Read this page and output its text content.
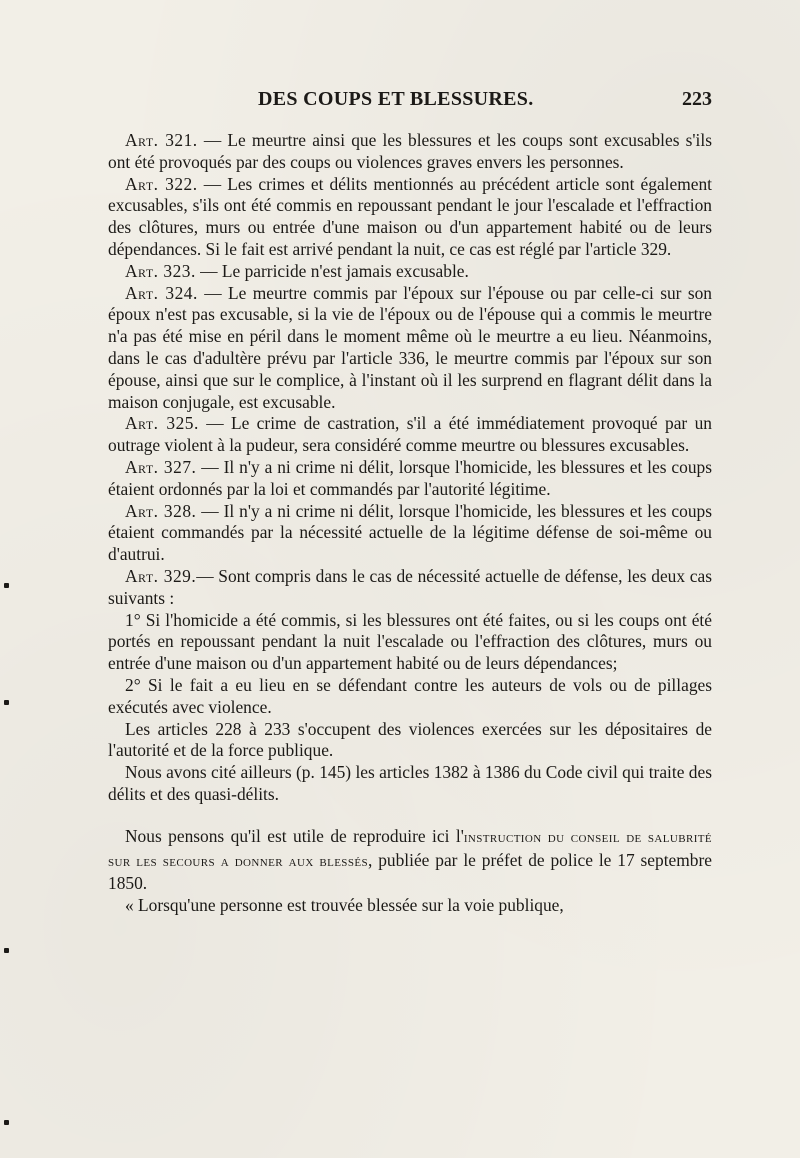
DES COUPS ET BLESSURES.	223

Art. 321. — Le meurtre ainsi que les blessures et les coups sont excusables s'ils ont été provoqués par des coups ou violences graves envers les personnes.

Art. 322. — Les crimes et délits mentionnés au précédent article sont également excusables, s'ils ont été commis en repoussant pendant le jour l'escalade et l'effraction des clôtures, murs ou entrée d'une maison ou d'un appartement habité ou de leurs dépendances. Si le fait est arrivé pendant la nuit, ce cas est réglé par l'article 329.

Art. 323. — Le parricide n'est jamais excusable.

Art. 324. — Le meurtre commis par l'époux sur l'épouse ou par celle-ci sur son époux n'est pas excusable, si la vie de l'époux ou de l'épouse qui a commis le meurtre n'a pas été mise en péril dans le moment même où le meurtre a eu lieu. Néanmoins, dans le cas d'adultère prévu par l'article 336, le meurtre commis par l'époux sur son épouse, ainsi que sur le complice, à l'instant où il les surprend en flagrant délit dans la maison conjugale, est excusable.

Art. 325. — Le crime de castration, s'il a été immédiatement provoqué par un outrage violent à la pudeur, sera considéré comme meurtre ou blessures excusables.

Art. 327. — Il n'y a ni crime ni délit, lorsque l'homicide, les blessures et les coups étaient ordonnés par la loi et commandés par l'autorité légitime.

Art. 328. — Il n'y a ni crime ni délit, lorsque l'homicide, les blessures et les coups étaient commandés par la nécessité actuelle de la légitime défense de soi-même ou d'autrui.

Art. 329.— Sont compris dans le cas de nécessité actuelle de défense, les deux cas suivants :

1° Si l'homicide a été commis, si les blessures ont été faites, ou si les coups ont été portés en repoussant pendant la nuit l'escalade ou l'effraction des clôtures, murs ou entrée d'une maison ou d'un appartement habité ou de leurs dépendances;

2° Si le fait a eu lieu en se défendant contre les auteurs de vols ou de pillages exécutés avec violence.

Les articles 228 à 233 s'occupent des violences exercées sur les dépositaires de l'autorité et de la force publique.

Nous avons cité ailleurs (p. 145) les articles 1382 à 1386 du Code civil qui traite des délits et des quasi-délits.

Nous pensons qu'il est utile de reproduire ici l'instruction du conseil de salubrité sur les secours a donner aux blessés, publiée par le préfet de police le 17 septembre 1850.

« Lorsqu'une personne est trouvée blessée sur la voie publique,
